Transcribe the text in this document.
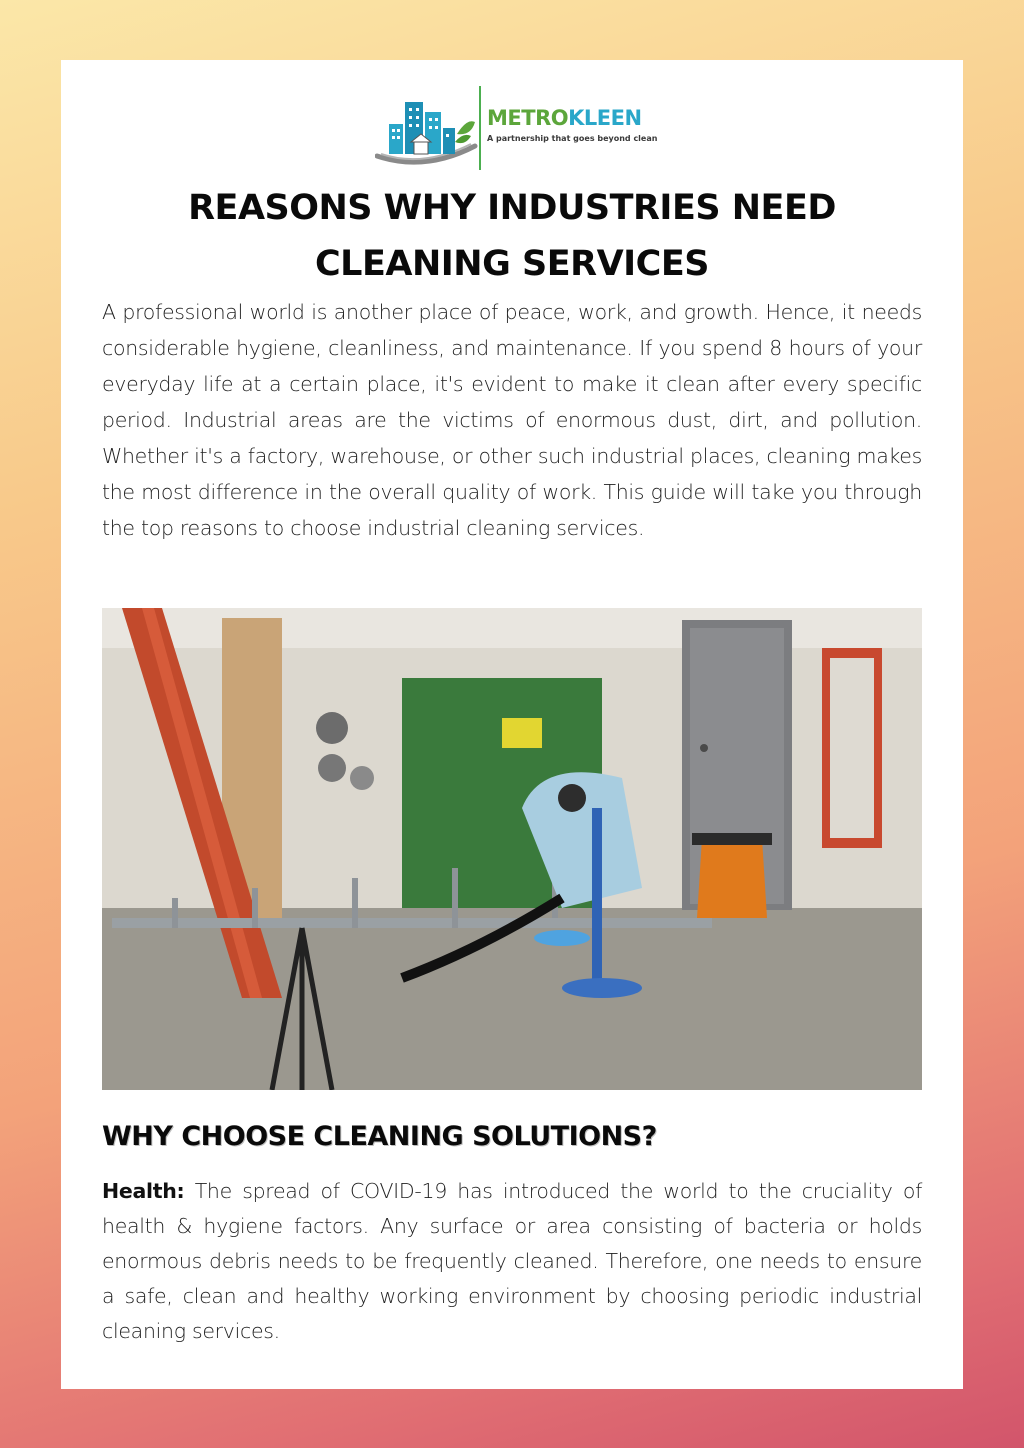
METROKLEEN
A partnership that goes beyond clean
REASONS WHY INDUSTRIES NEED CLEANING SERVICES

A professional world is another place of peace, work, and growth. Hence, it needs considerable hygiene, cleanliness, and maintenance. If you spend 8 hours of your everyday life at a certain place, it's evident to make it clean after every specific period. Industrial areas are the victims of enormous dust, dirt, and pollution. Whether it's a factory, warehouse, or other such industrial places, cleaning makes the most difference in the overall quality of work. This guide will take you through the top reasons to choose industrial cleaning services.

WHY CHOOSE CLEANING SOLUTIONS?

Health: The spread of COVID-19 has introduced the world to the cruciality of health & hygiene factors. Any surface or area consisting of bacteria or holds enormous debris needs to be frequently cleaned. Therefore, one needs to ensure a safe, clean and healthy working environment by choosing periodic industrial cleaning services.
